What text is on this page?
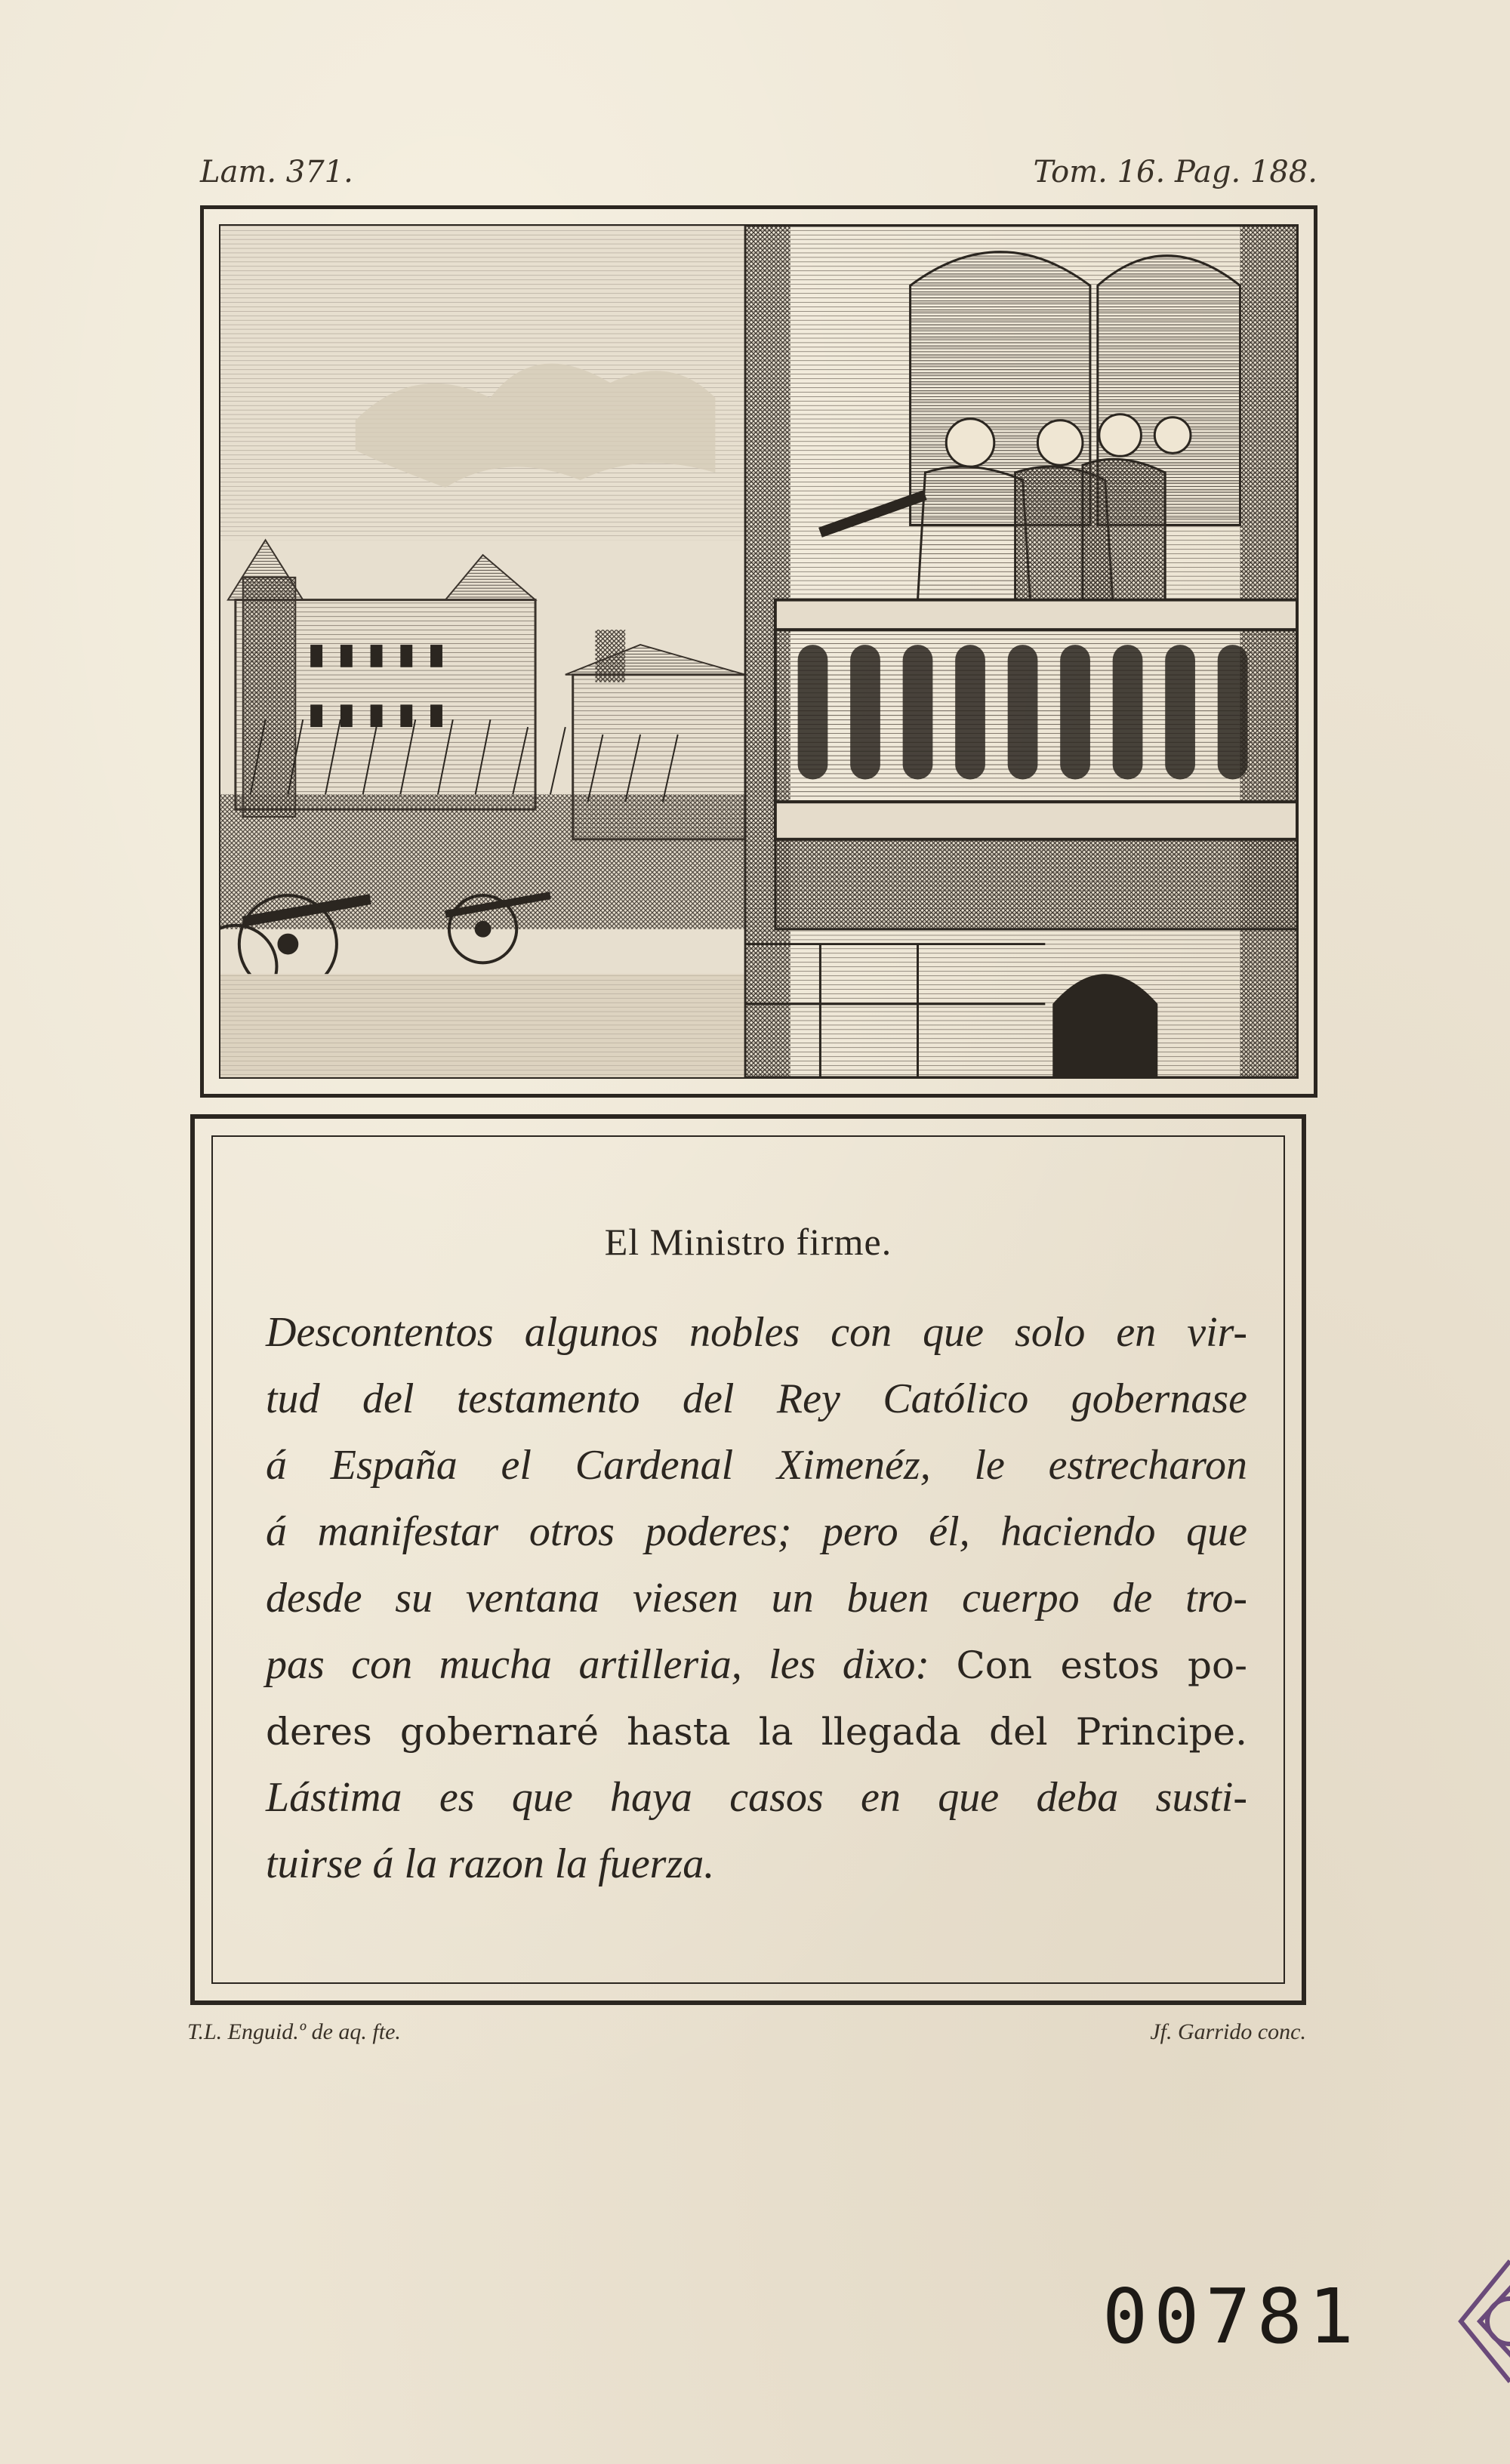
Lam. 371.	Tom. 16. Pag. 188.
El Ministro firme.
Descontentos algunos nobles con que solo en vir-
tud del testamento del Rey Católico gobernase
á España el Cardenal Ximenéz, le estrecharon
á manifestar otros poderes; pero él, haciendo que
desde su ventana viesen un buen cuerpo de tro-
pas con mucha artilleria, les dixo: Con estos po-
deres gobernaré hasta la llegada del Principe.
Lástima es que haya casos en que deba susti-
tuirse á la razon la fuerza.
T.L. Enguid.º de aq. fte.	Jf. Garrido conc.
00781
